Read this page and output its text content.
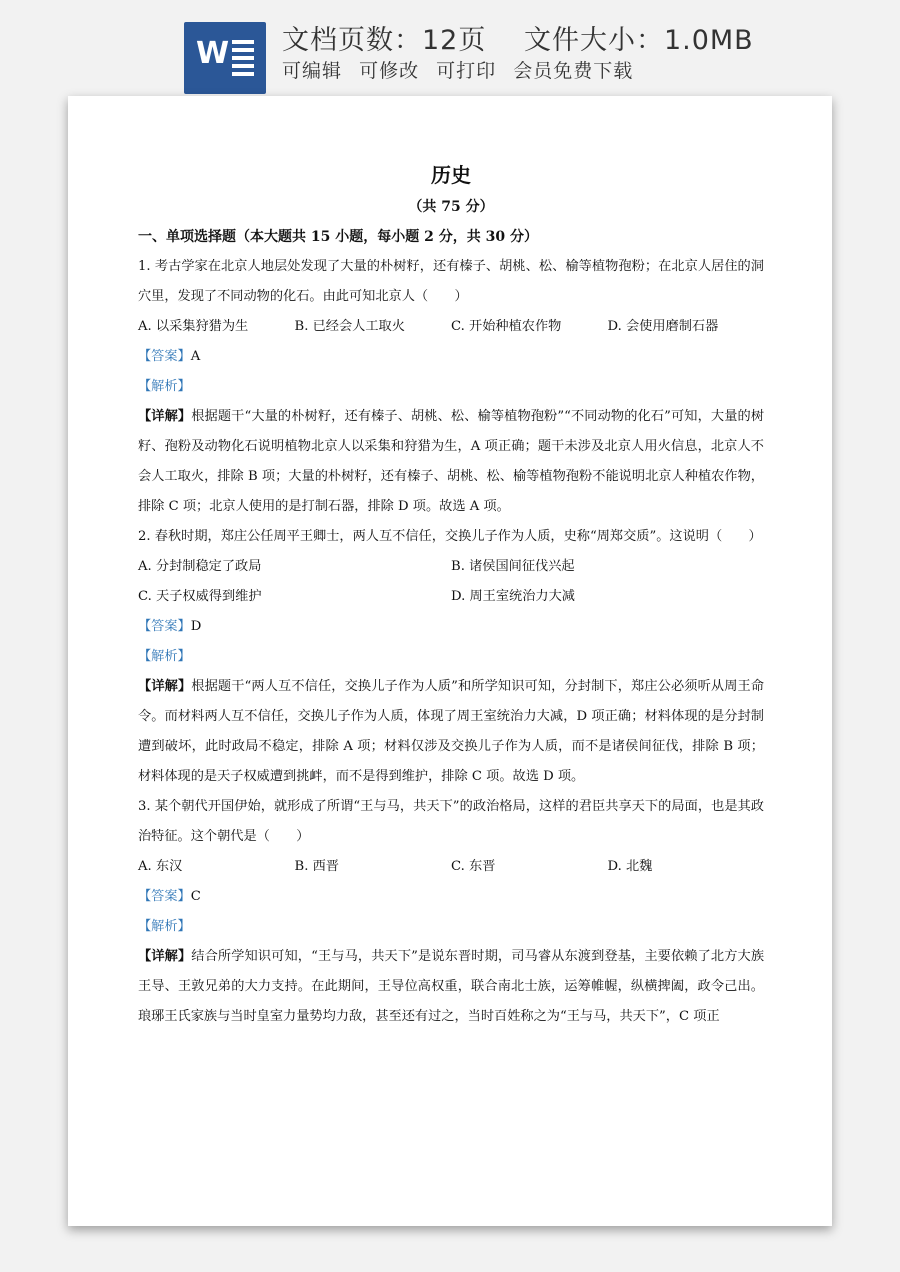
W 文档页数：12页 文件大小：1.0MB
可编辑 可修改 可打印 会员免费下载
历史
（共 75 分）
一、单项选择题（本大题共 15 小题，每小题 2 分，共 30 分）
1. 考古学家在北京人地层处发现了大量的朴树籽，还有榛子、胡桃、松、榆等植物孢粉；在北京人居住的洞穴里，发现了不同动物的化石。由此可知北京人（　　）
A. 以采集狩猎为生	B. 已经会人工取火	C. 开始种植农作物	D. 会使用磨制石器
【答案】A
【解析】
【详解】根据题干“大量的朴树籽，还有榛子、胡桃、松、榆等植物孢粉”“不同动物的化石”可知，大量的树籽、孢粉及动物化石说明植物北京人以采集和狩猎为生，A 项正确；题干未涉及北京人用火信息，北京人不会人工取火，排除 B 项；大量的朴树籽，还有榛子、胡桃、松、榆等植物孢粉不能说明北京人种植农作物，排除 C 项；北京人使用的是打制石器，排除 D 项。故选 A 项。
2. 春秋时期，郑庄公任周平王卿士，两人互不信任，交换儿子作为人质，史称“周郑交质”。这说明（　　）
A. 分封制稳定了政局	B. 诸侯国间征伐兴起
C. 天子权威得到维护	D. 周王室统治力大减
【答案】D
【解析】
【详解】根据题干“两人互不信任，交换儿子作为人质”和所学知识可知，分封制下，郑庄公必须听从周王命令。而材料两人互不信任，交换儿子作为人质，体现了周王室统治力大减，D 项正确；材料体现的是分封制遭到破坏，此时政局不稳定，排除 A 项；材料仅涉及交换儿子作为人质，而不是诸侯间征伐，排除 B 项；材料体现的是天子权威遭到挑衅，而不是得到维护，排除 C 项。故选 D 项。
3. 某个朝代开国伊始，就形成了所谓“王与马，共天下”的政治格局，这样的君臣共享天下的局面，也是其政治特征。这个朝代是（　　）
A. 东汉	B. 西晋	C. 东晋	D. 北魏
【答案】C
【解析】
【详解】结合所学知识可知，“王与马，共天下”是说东晋时期，司马睿从东渡到登基，主要依赖了北方大族王导、王敦兄弟的大力支持。在此期间，王导位高权重，联合南北士族，运筹帷幄，纵横捭阖，政令己出。琅琊王氏家族与当时皇室力量势均力敌，甚至还有过之，当时百姓称之为“王与马，共天下”，C 项正
